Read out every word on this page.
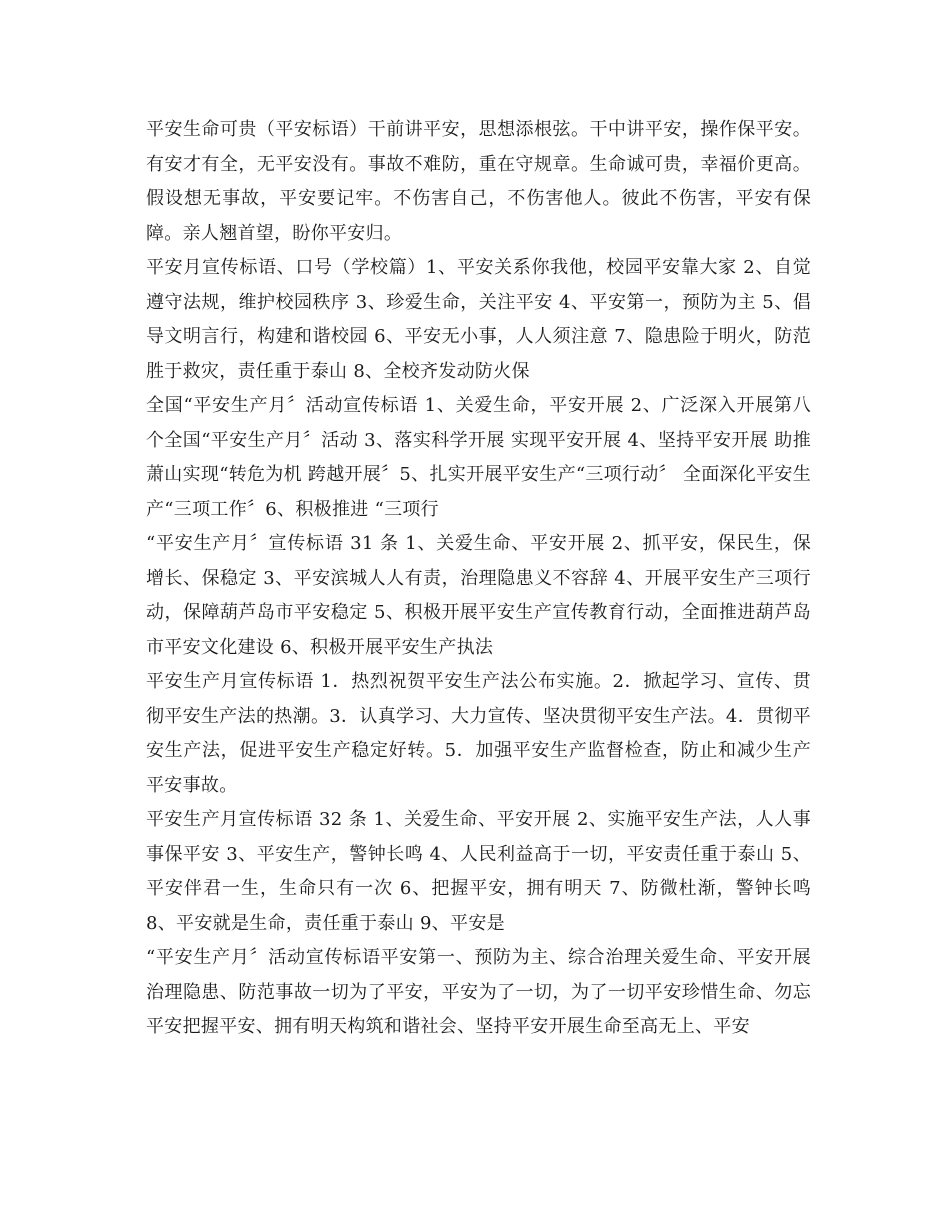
平安生命可贵（平安标语）干前讲平安，思想添根弦。干中讲平安，操作保平安。有安才有全，无平安没有。事故不难防，重在守规章。生命诚可贵，幸福价更高。假设想无事故，平安要记牢。不伤害自己，不伤害他人。彼此不伤害，平安有保障。亲人翘首望，盼你平安归。

平安月宣传标语、口号（学校篇）1、平安关系你我他，校园平安靠大家 2、自觉遵守法规，维护校园秩序 3、珍爱生命，关注平安 4、平安第一，预防为主 5、倡导文明言行，构建和谐校园 6、平安无小事，人人须注意 7、隐患险于明火，防范胜于救灾，责任重于泰山 8、全校齐发动防火保

全国“平安生产月〞活动宣传标语 1、关爱生命，平安开展 2、广泛深入开展第八个全国“平安生产月〞活动 3、落实科学开展 实现平安开展 4、坚持平安开展 助推萧山实现“转危为机 跨越开展〞5、扎实开展平安生产“三项行动〞 全面深化平安生产“三项工作〞6、积极推进 “三项行

“平安生产月〞宣传标语 31 条 1、关爱生命、平安开展 2、抓平安，保民生，保增长、保稳定 3、平安滨城人人有责，治理隐患义不容辞 4、开展平安生产三项行动，保障葫芦岛市平安稳定 5、积极开展平安生产宣传教育行动，全面推进葫芦岛市平安文化建设 6、积极开展平安生产执法

平安生产月宣传标语 1．热烈祝贺平安生产法公布实施。2．掀起学习、宣传、贯彻平安生产法的热潮。3．认真学习、大力宣传、坚决贯彻平安生产法。4．贯彻平安生产法，促进平安生产稳定好转。5．加强平安生产监督检查，防止和减少生产平安事故。

平安生产月宣传标语 32 条 1、关爱生命、平安开展 2、实施平安生产法，人人事事保平安 3、平安生产，警钟长鸣 4、人民利益高于一切，平安责任重于泰山 5、平安伴君一生，生命只有一次 6、把握平安，拥有明天 7、防微杜渐，警钟长鸣 8、平安就是生命，责任重于泰山 9、平安是

“平安生产月〞活动宣传标语平安第一、预防为主、综合治理关爱生命、平安开展治理隐患、防范事故一切为了平安，平安为了一切，为了一切平安珍惜生命、勿忘平安把握平安、拥有明天构筑和谐社会、坚持平安开展生命至高无上、平安
